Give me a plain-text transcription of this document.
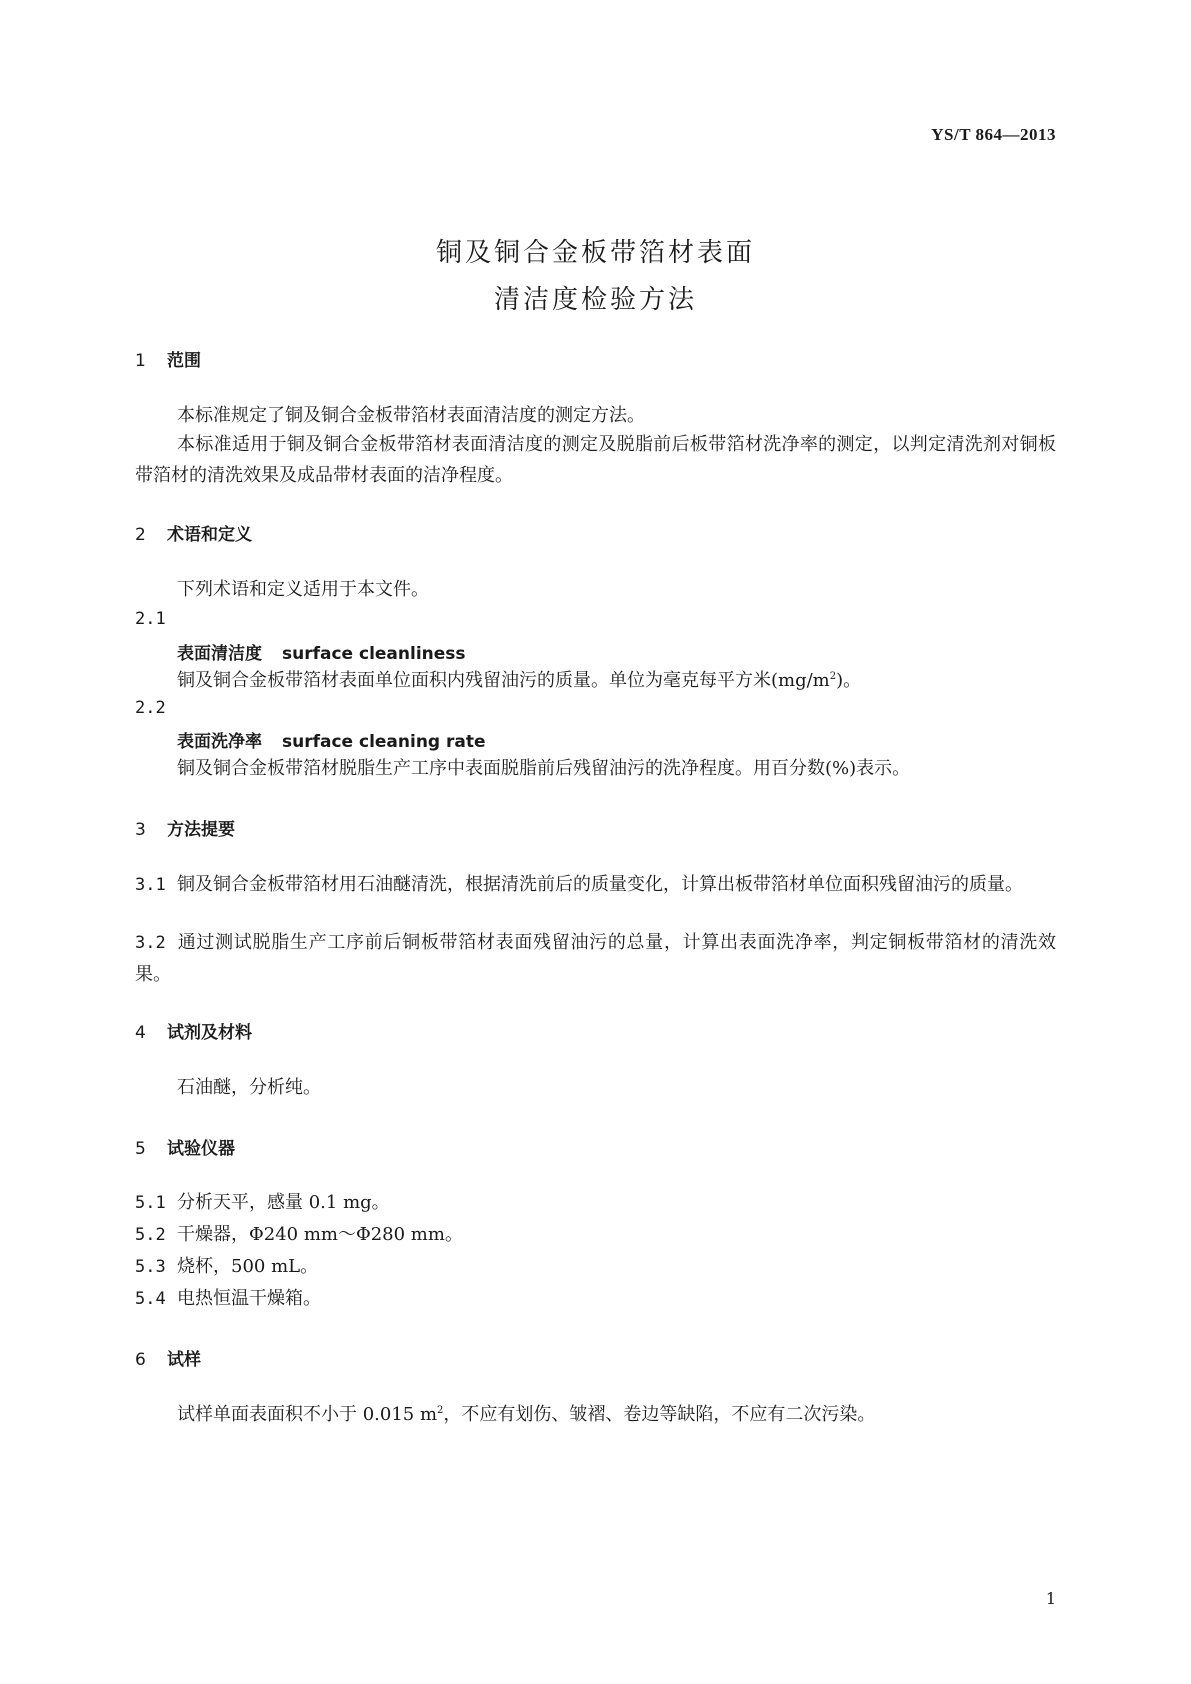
YS/T 864—2013
铜及铜合金板带箔材表面
清洁度检验方法
1 范围
本标准规定了铜及铜合金板带箔材表面清洁度的测定方法。
本标准适用于铜及铜合金板带箔材表面清洁度的测定及脱脂前后板带箔材洗净率的测定，以判定清洗剂对铜板带箔材的清洗效果及成品带材表面的洁净程度。
2 术语和定义
下列术语和定义适用于本文件。
2.1
表面清洁度 surface cleanliness
铜及铜合金板带箔材表面单位面积内残留油污的质量。单位为毫克每平方米$(mg/m^2)$。
2.2
表面洗净率 surface cleaning rate
铜及铜合金板带箔材脱脂生产工序中表面脱脂前后残留油污的洗净程度。用百分数(%)表示。
3 方法提要
3.1 铜及铜合金板带箔材用石油醚清洗，根据清洗前后的质量变化，计算出板带箔材单位面积残留油污的质量。
3.2 通过测试脱脂生产工序前后铜板带箔材表面残留油污的总量，计算出表面洗净率，判定铜板带箔材的清洗效果。
4 试剂及材料
石油醚，分析纯。
5 试验仪器
5.1 分析天平，感量 0.1 mg。
5.2 干燥器，Φ240 mm～Φ280 mm。
5.3 烧杯，500 mL。
5.4 电热恒温干燥箱。
6 试样
试样单面表面积不小于 0.015 $m^2$，不应有划伤、皱褶、卷边等缺陷，不应有二次污染。
1
